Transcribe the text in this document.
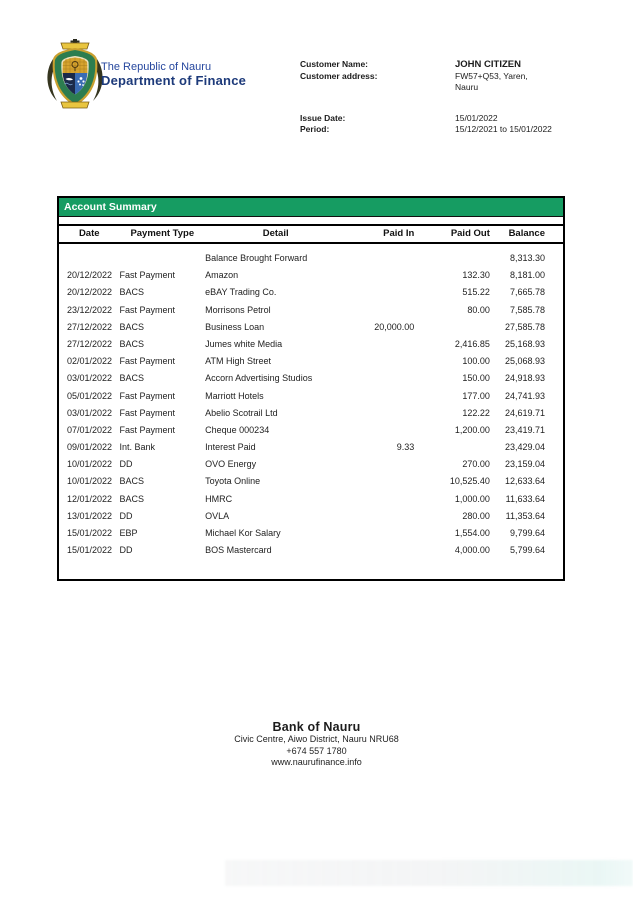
The Republic of Nauru
Department of Finance
Customer Name:	JOHN CITIZEN
Customer address:	FW57+Q53, Yaren,
Nauru
Issue Date:	15/01/2022
Period:	15/12/2021 to 15/01/2022
Account Summary
Date	Payment Type	Detail	Paid In	Paid Out	Balance
		Balance Brought Forward			8,313.30
20/12/2022	Fast Payment	Amazon		132.30	8,181.00
20/12/2022	BACS	eBAY Trading Co.		515.22	7,665.78
23/12/2022	Fast Payment	Morrisons Petrol		80.00	7,585.78
27/12/2022	BACS	Business Loan	20,000.00		27,585.78
27/12/2022	BACS	Jumes white Media		2,416.85	25,168.93
02/01/2022	Fast Payment	ATM High Street		100.00	25,068.93
03/01/2022	BACS	Accorn Advertising Studios		150.00	24,918.93
05/01/2022	Fast Payment	Marriott Hotels		177.00	24,741.93
03/01/2022	Fast Payment	Abelio Scotrail Ltd		122.22	24,619.71
07/01/2022	Fast Payment	Cheque 000234		1,200.00	23,419.71
09/01/2022	Int. Bank	Interest Paid	9.33		23,429.04
10/01/2022	DD	OVO Energy		270.00	23,159.04
10/01/2022	BACS	Toyota Online		10,525.40	12,633.64
12/01/2022	BACS	HMRC		1,000.00	11,633.64
13/01/2022	DD	OVLA		280.00	11,353.64
15/01/2022	EBP	Michael Kor Salary		1,554.00	9,799.64
15/01/2022	DD	BOS Mastercard		4,000.00	5,799.64
Bank of Nauru
Civic Centre, Aiwo District, Nauru NRU68
+674 557 1780
www.naurufinance.info
